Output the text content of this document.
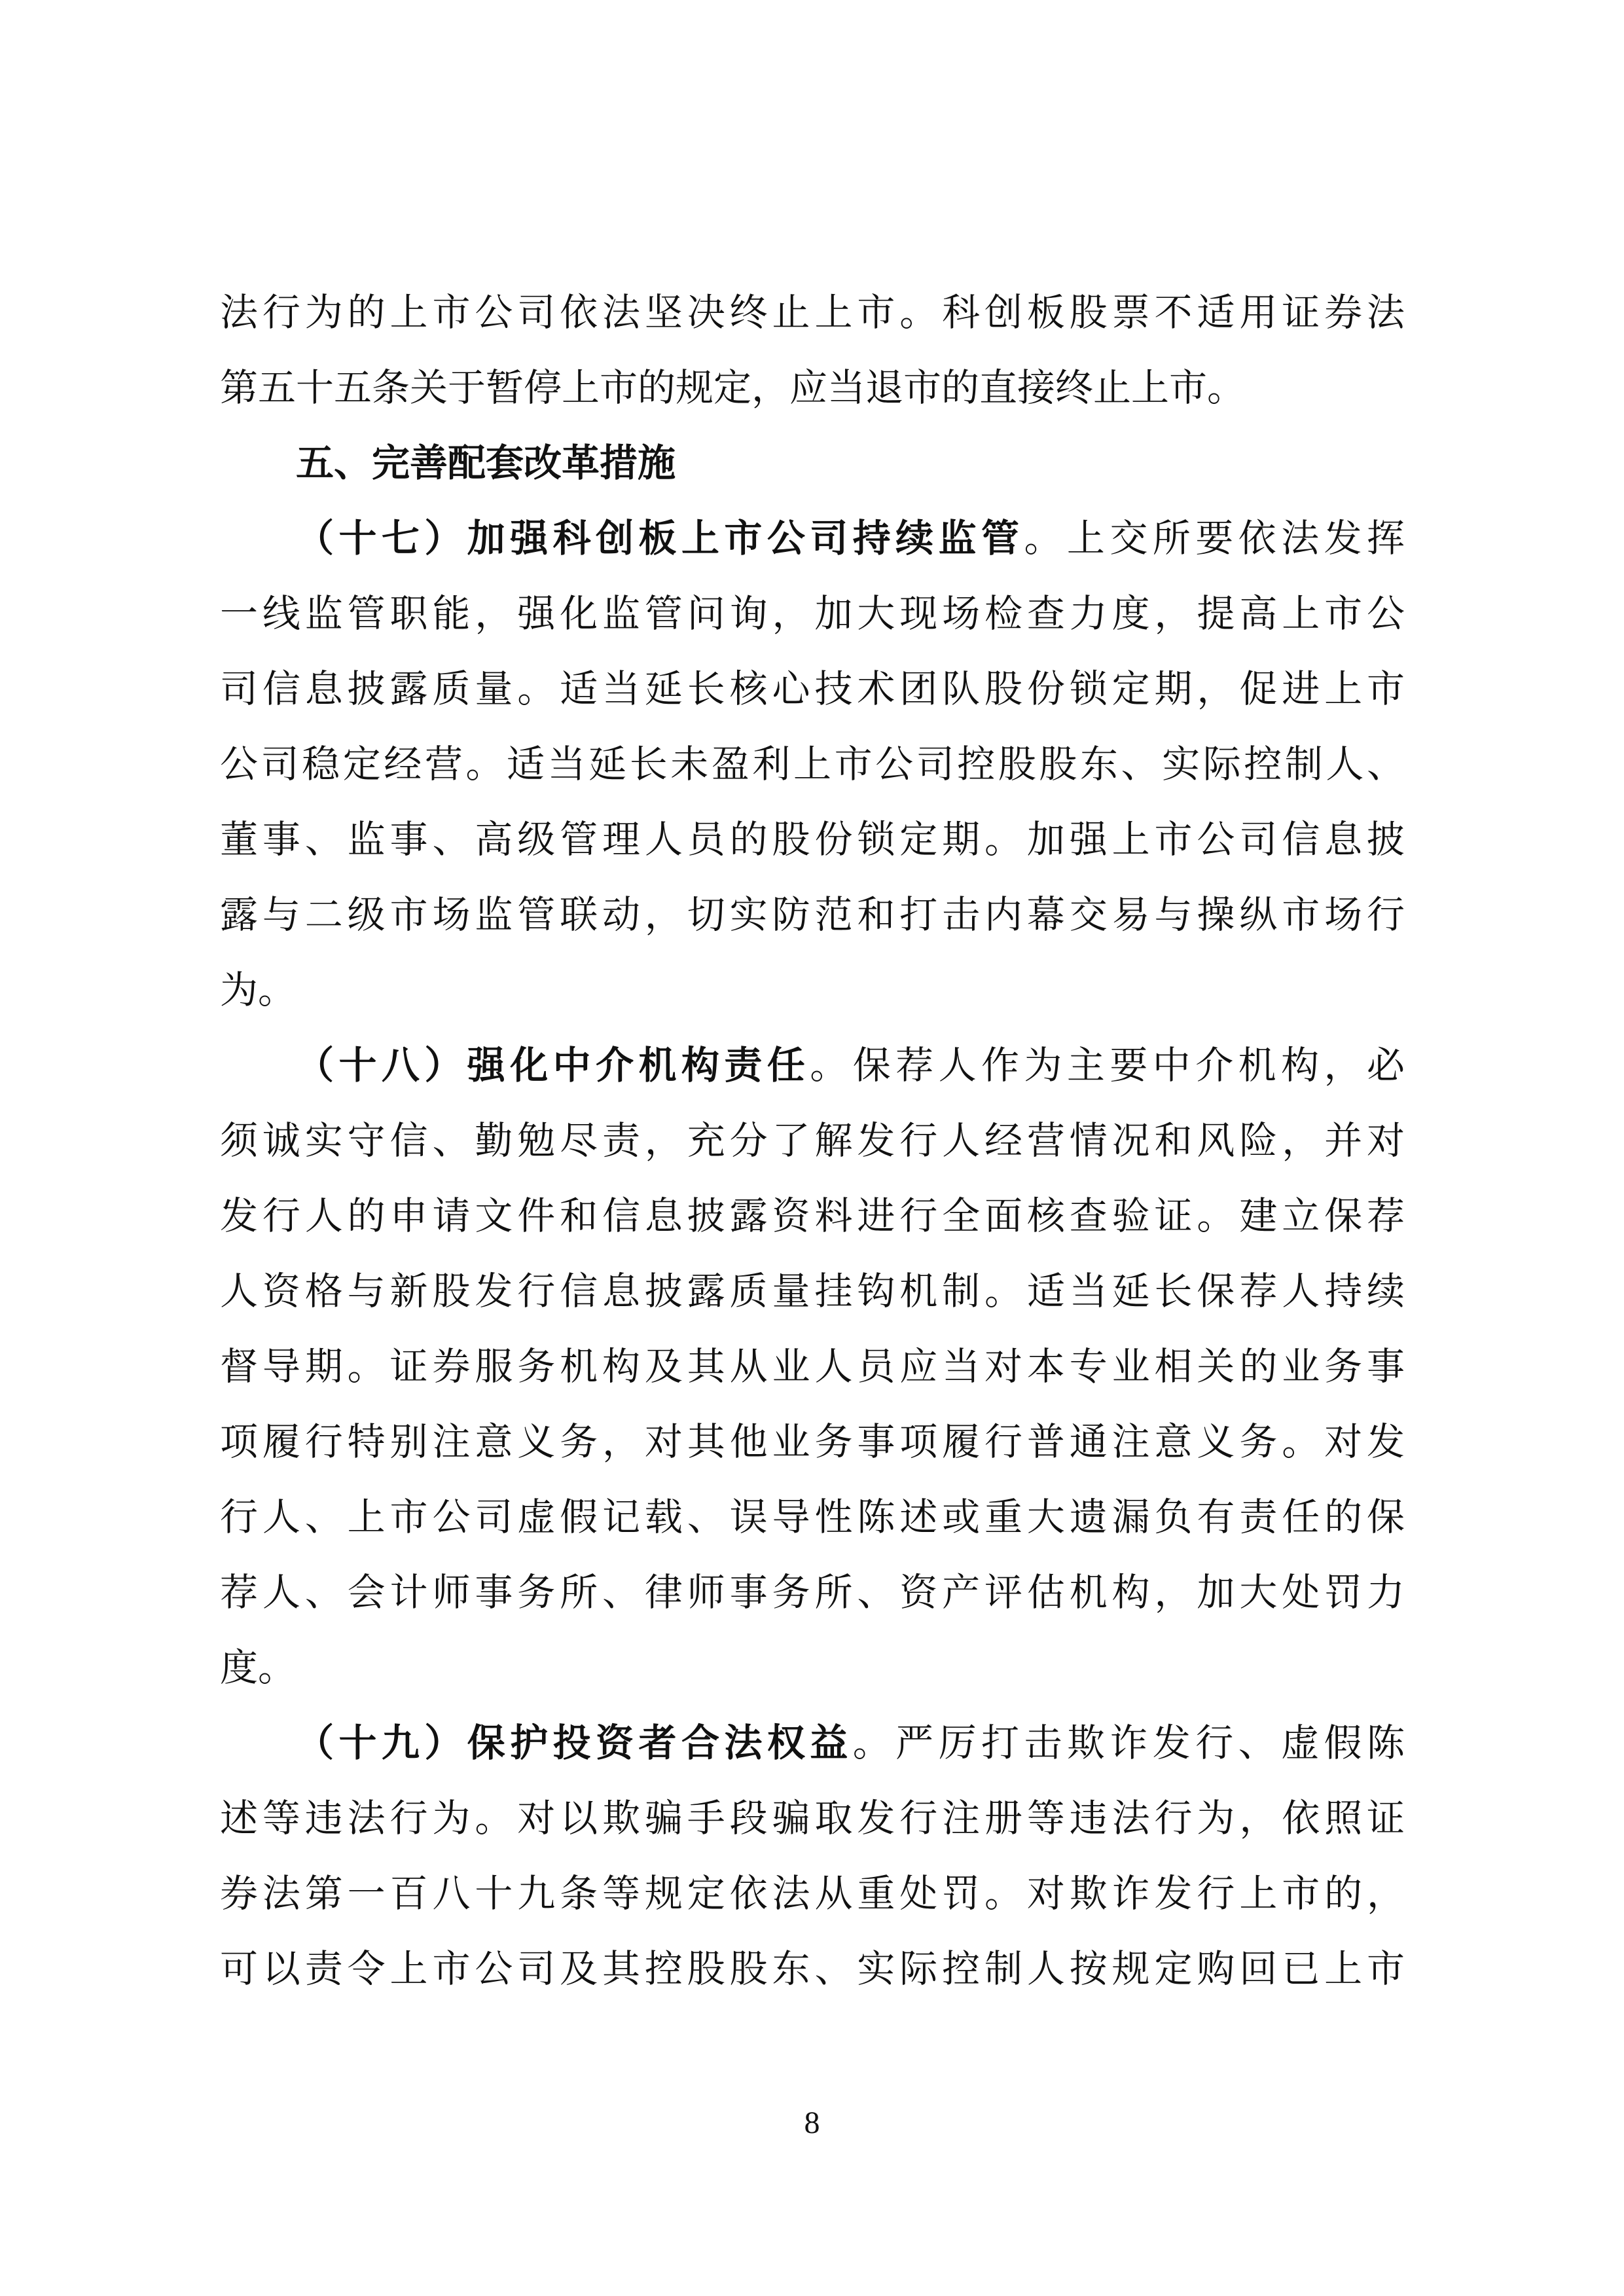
法行为的上市公司依法坚决终止上市。科创板股票不适用证券法
第五十五条关于暂停上市的规定，应当退市的直接终止上市。
五、完善配套改革措施
（十七）加强科创板上市公司持续监管。上交所要依法发挥
一线监管职能，强化监管问询，加大现场检查力度，提高上市公
司信息披露质量。适当延长核心技术团队股份锁定期，促进上市
公司稳定经营。适当延长未盈利上市公司控股股东、实际控制人、
董事、监事、高级管理人员的股份锁定期。加强上市公司信息披
露与二级市场监管联动，切实防范和打击内幕交易与操纵市场行
为。
（十八）强化中介机构责任。保荐人作为主要中介机构，必
须诚实守信、勤勉尽责，充分了解发行人经营情况和风险，并对
发行人的申请文件和信息披露资料进行全面核查验证。建立保荐
人资格与新股发行信息披露质量挂钩机制。适当延长保荐人持续
督导期。证券服务机构及其从业人员应当对本专业相关的业务事
项履行特别注意义务，对其他业务事项履行普通注意义务。对发
行人、上市公司虚假记载、误导性陈述或重大遗漏负有责任的保
荐人、会计师事务所、律师事务所、资产评估机构，加大处罚力
度。
（十九）保护投资者合法权益。严厉打击欺诈发行、虚假陈
述等违法行为。对以欺骗手段骗取发行注册等违法行为，依照证
券法第一百八十九条等规定依法从重处罚。对欺诈发行上市的，
可以责令上市公司及其控股股东、实际控制人按规定购回已上市
8
